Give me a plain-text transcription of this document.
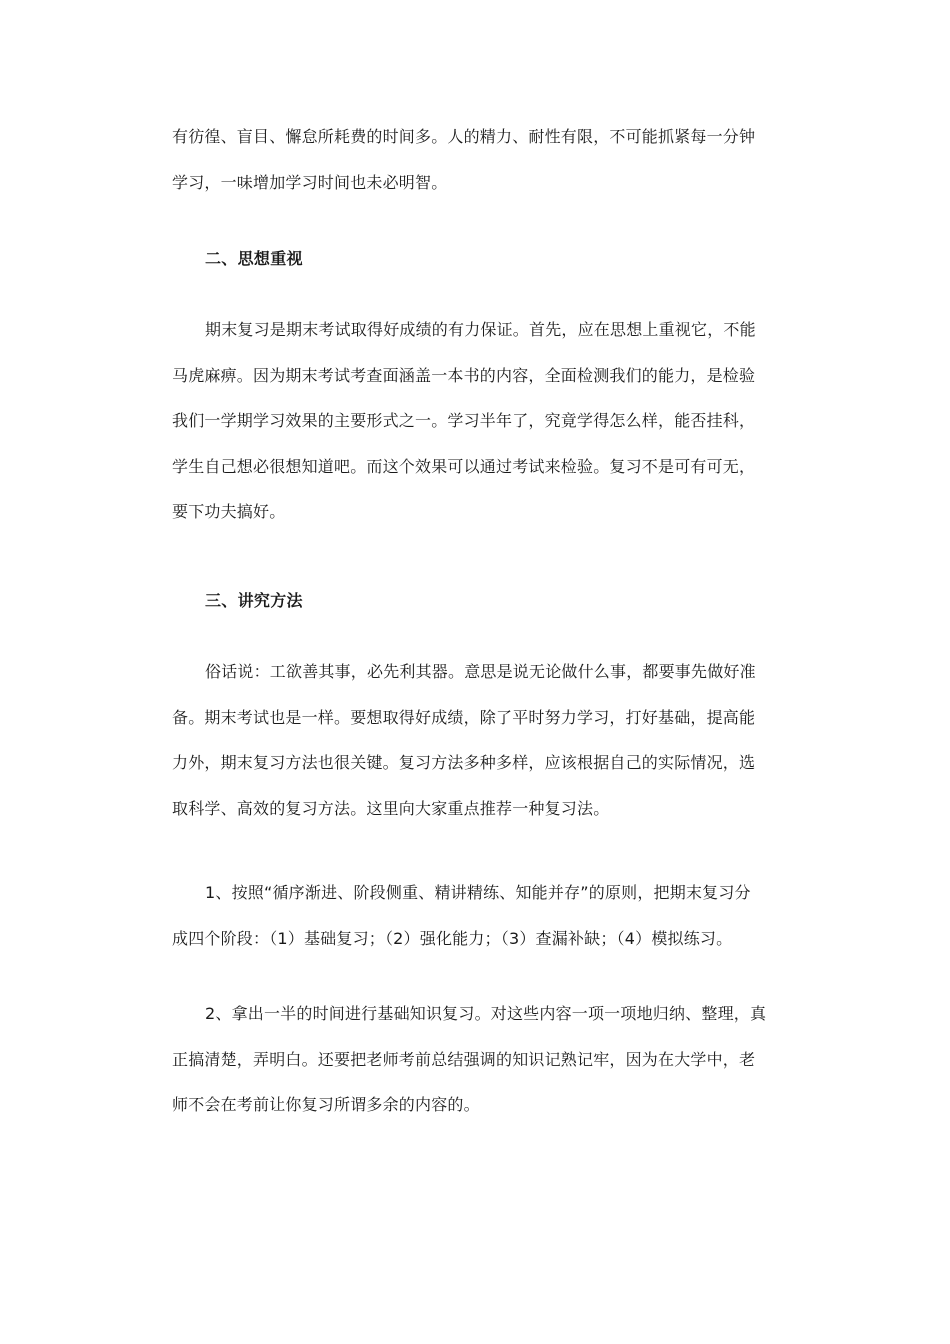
有彷徨、盲目、懈怠所耗费的时间多。人的精力、耐性有限，不可能抓紧每一分钟
学习，一味增加学习时间也未必明智。
二、思想重视
期末复习是期末考试取得好成绩的有力保证。首先，应在思想上重视它，不能
马虎麻痹。因为期末考试考查面涵盖一本书的内容，全面检测我们的能力，是检验
我们一学期学习效果的主要形式之一。学习半年了，究竟学得怎么样，能否挂科，
学生自己想必很想知道吧。而这个效果可以通过考试来检验。复习不是可有可无，
要下功夫搞好。
三、讲究方法
俗话说：工欲善其事，必先利其器。意思是说无论做什么事，都要事先做好准
备。期末考试也是一样。要想取得好成绩，除了平时努力学习，打好基础，提高能
力外，期末复习方法也很关键。复习方法多种多样，应该根据自己的实际情况，选
取科学、高效的复习方法。这里向大家重点推荐一种复习法。
1、按照“循序渐进、阶段侧重、精讲精练、知能并存”的原则，把期末复习分
成四个阶段：（1）基础复习；（2）强化能力；（3）查漏补缺；（4）模拟练习。
2、拿出一半的时间进行基础知识复习。对这些内容一项一项地归纳、整理，真
正搞清楚，弄明白。还要把老师考前总结强调的知识记熟记牢，因为在大学中，老
师不会在考前让你复习所谓多余的内容的。
